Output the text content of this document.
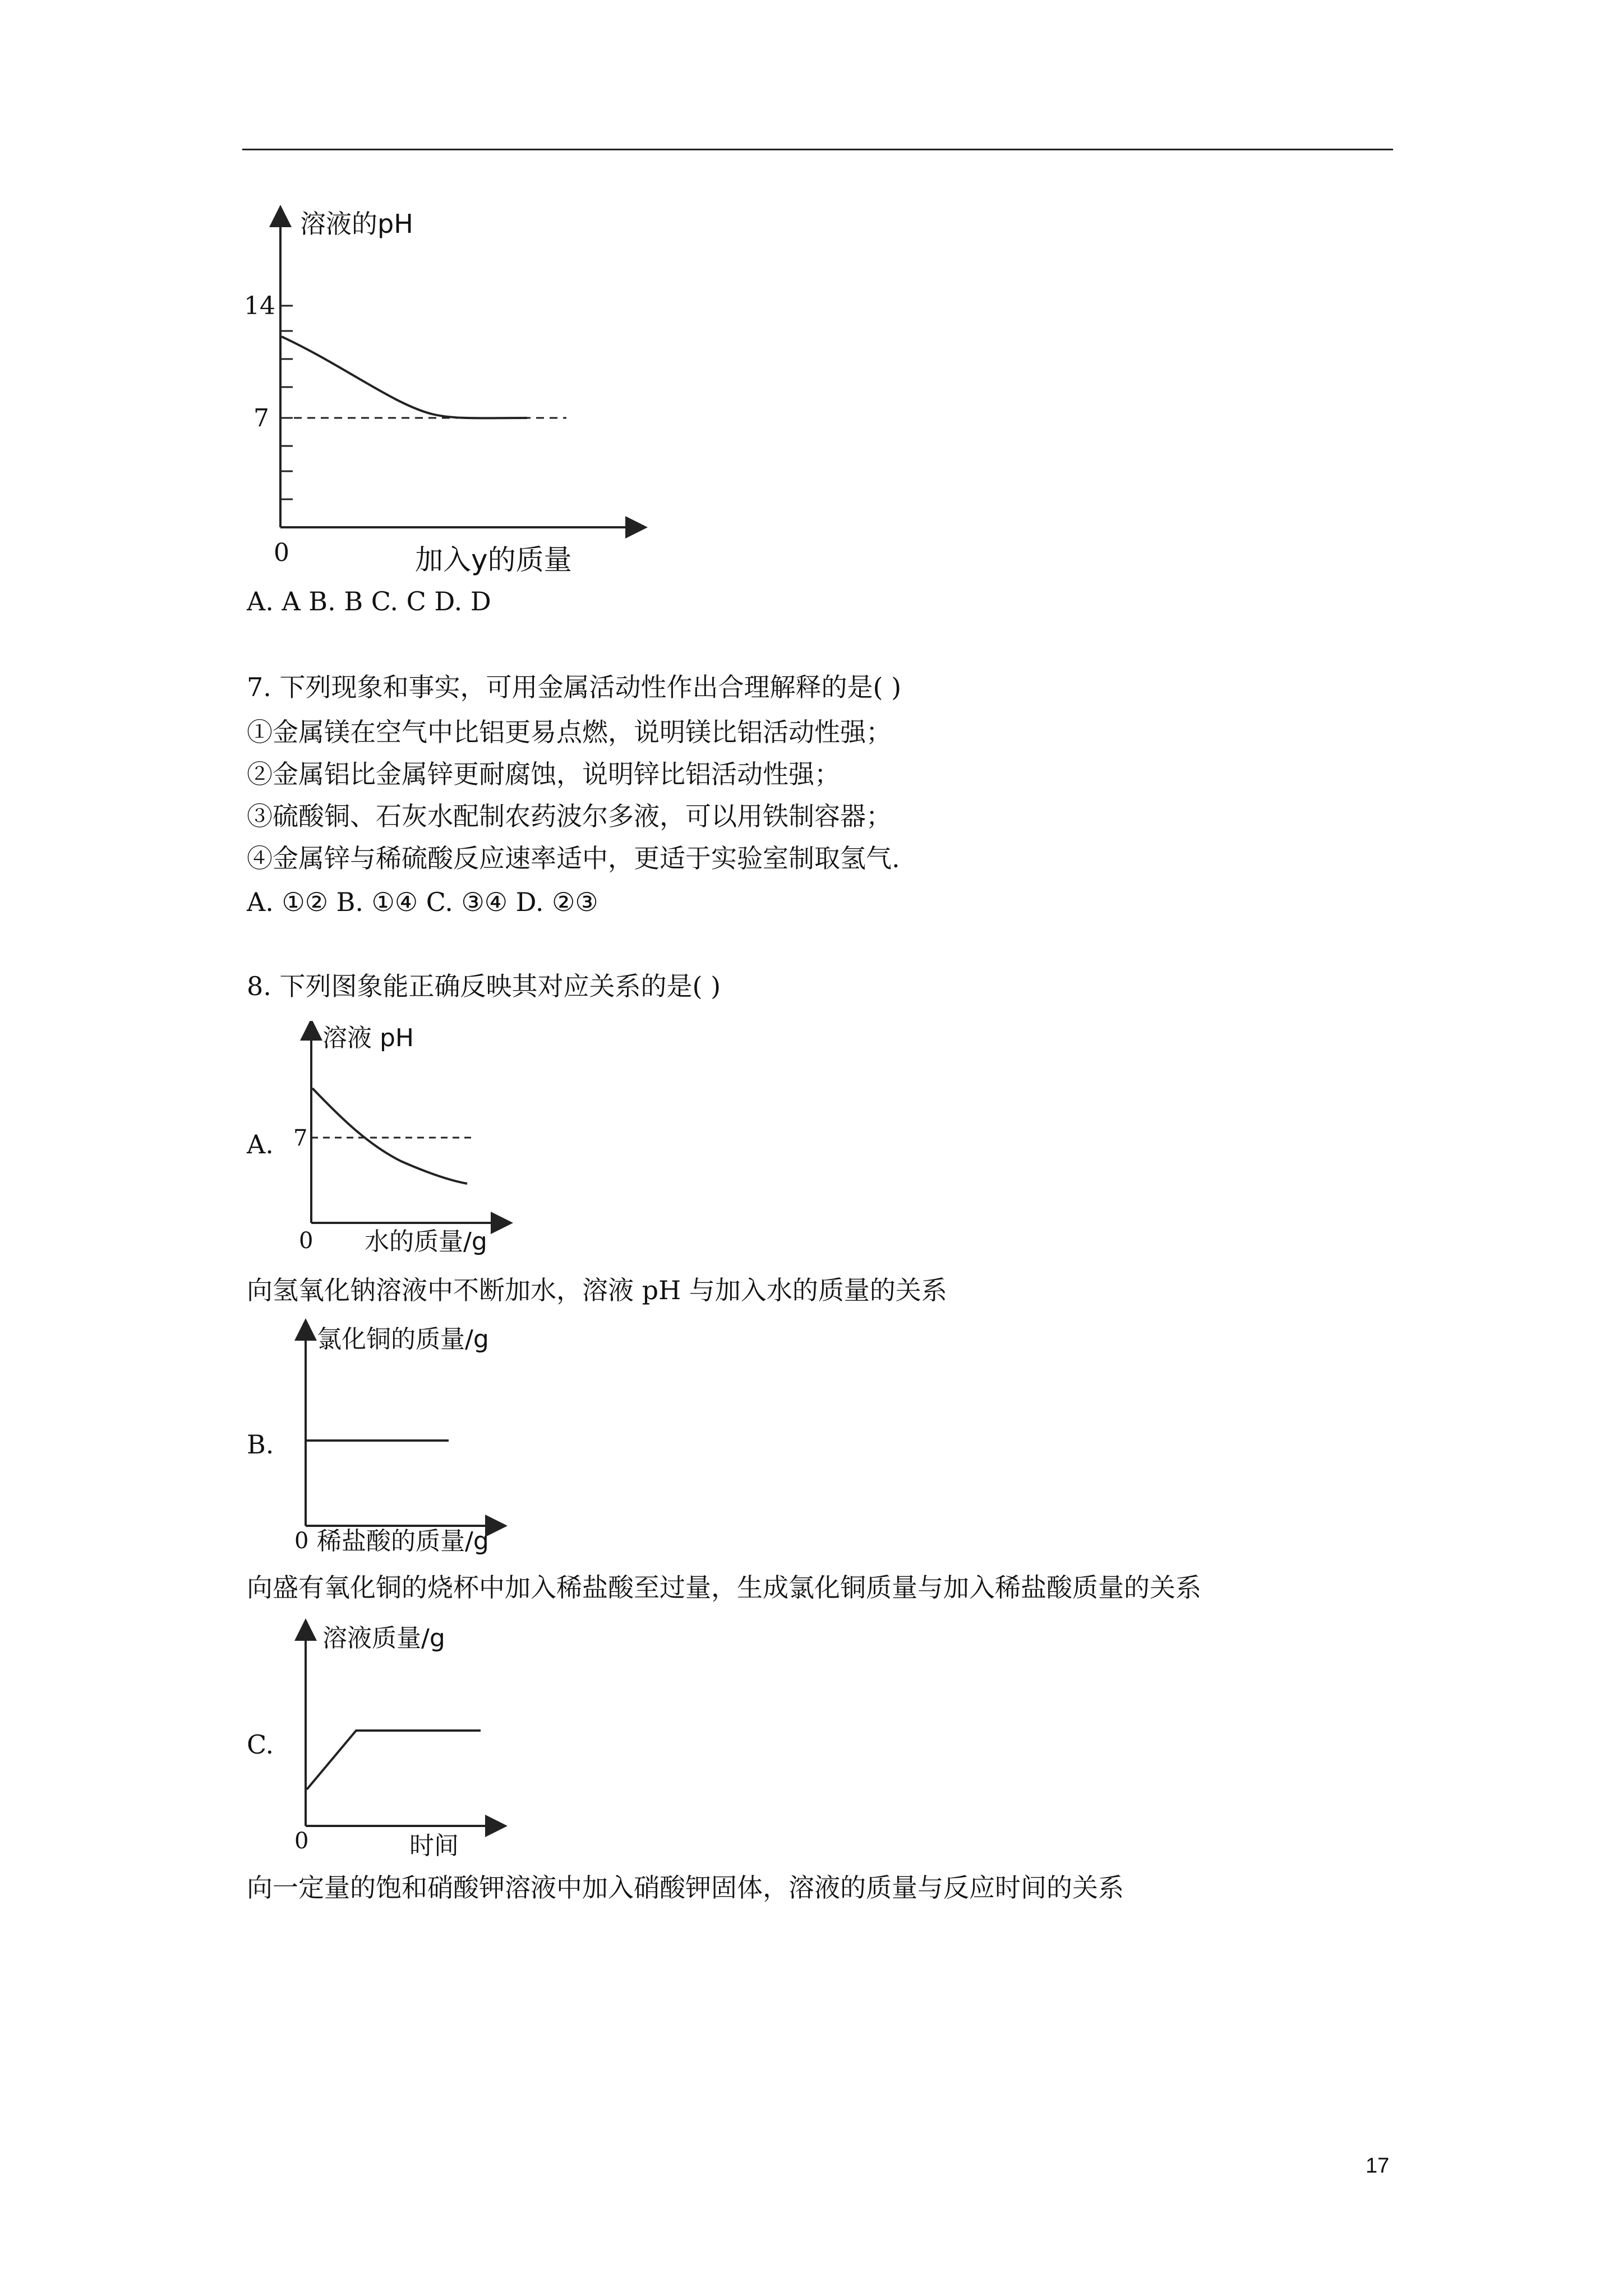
溶液的pH
14
7
0	加入y的质量
A. A B. B C. C D. D
7. 下列现象和事实，可用金属活动性作出合理解释的是( )
①金属镁在空气中比铝更易点燃，说明镁比铝活动性强；
②金属铝比金属锌更耐腐蚀，说明锌比铝活动性强；
③硫酸铜、石灰水配制农药波尔多液，可以用铁制容器；
④金属锌与稀硫酸反应速率适中，更适于实验室制取氢气.
A. ①② B. ①④ C. ③④ D. ②③
8. 下列图象能正确反映其对应关系的是( )
A.
溶液 pH
7
0 水的质量/g
向氢氧化钠溶液中不断加水，溶液 pH 与加入水的质量的关系
B.
氯化铜的质量/g
0 稀盐酸的质量/g
向盛有氧化铜的烧杯中加入稀盐酸至过量，生成氯化铜质量与加入稀盐酸质量的关系
C.
溶液质量/g
0	时间
向一定量的饱和硝酸钾溶液中加入硝酸钾固体，溶液的质量与反应时间的关系
17
